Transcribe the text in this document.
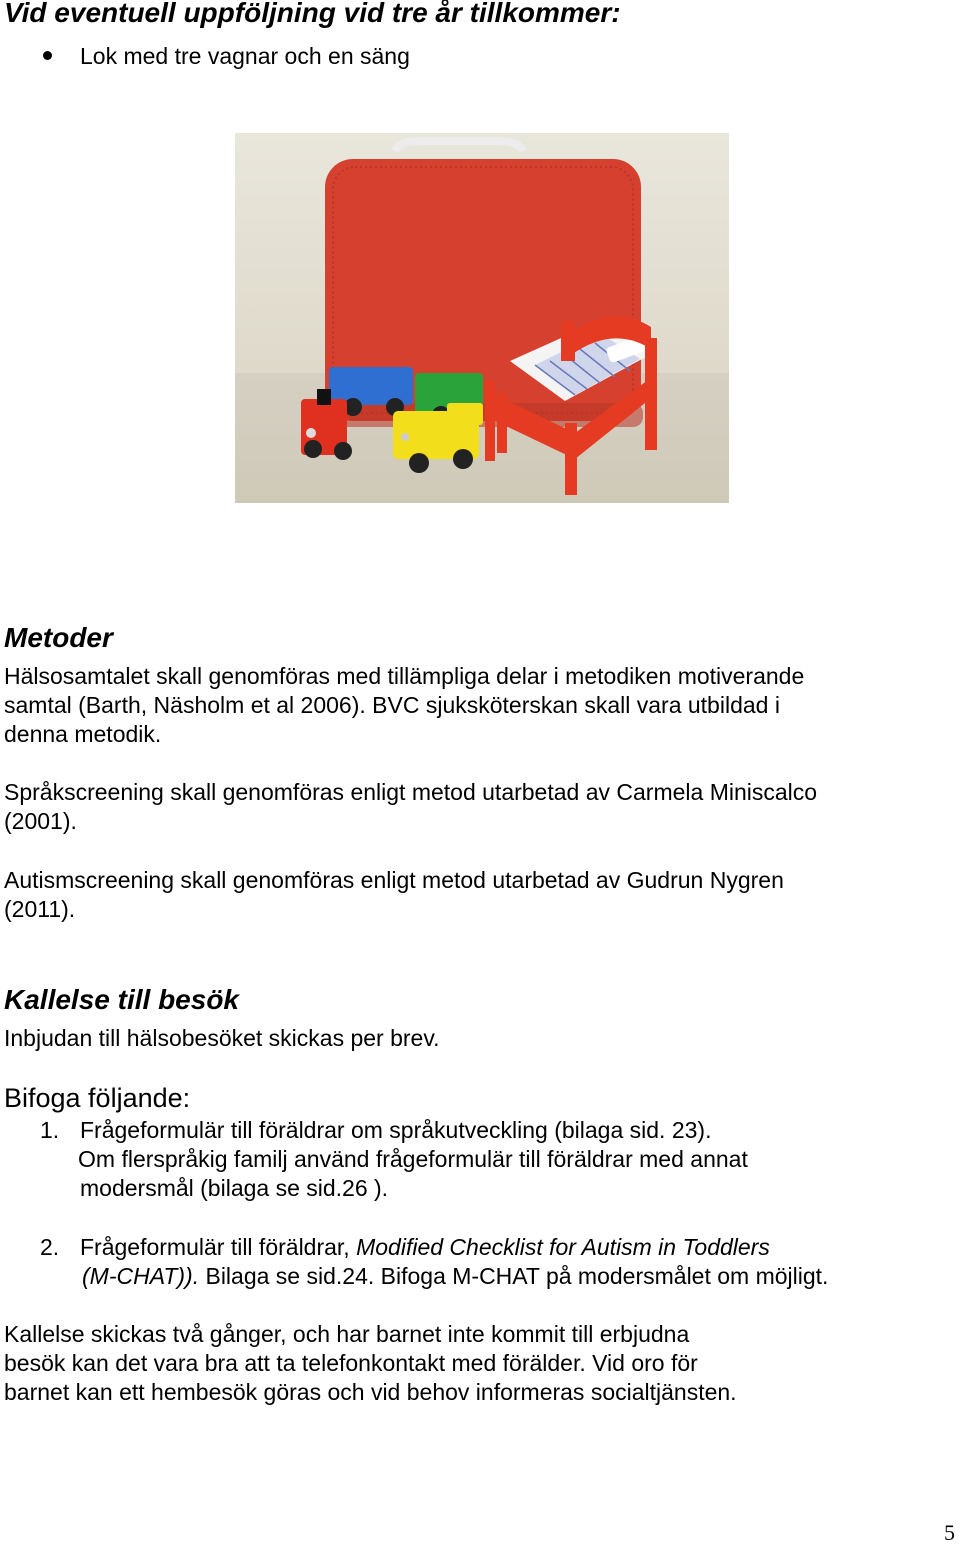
Vid eventuell uppföljning vid tre år tillkommer:
Lok med tre vagnar och en säng
Metoder
Hälsosamtalet skall genomföras med tillämpliga delar i metodiken motiverande
samtal (Barth, Näsholm et al 2006). BVC sjuksköterskan skall vara utbildad i
denna metodik.
Språkscreening skall genomföras enligt metod utarbetad av Carmela Miniscalco
(2001).
Autismscreening skall genomföras enligt metod utarbetad av Gudrun Nygren
(2011).
Kallelse till besök
Inbjudan till hälsobesöket skickas per brev.
Bifoga följande:
1. Frågeformulär till föräldrar om språkutveckling (bilaga sid. 23).
Om flerspråkig familj använd frågeformulär till föräldrar med annat
modersmål (bilaga se sid.26 ).
2. Frågeformulär till föräldrar, Modified Checklist for Autism in Toddlers
(M-CHAT)). Bilaga se sid.24. Bifoga M-CHAT på modersmålet om möjligt.
Kallelse skickas två gånger, och har barnet inte kommit till erbjudna
besök kan det vara bra att ta telefonkontakt med förälder. Vid oro för
barnet kan ett hembesök göras och vid behov informeras socialtjänsten.
5
